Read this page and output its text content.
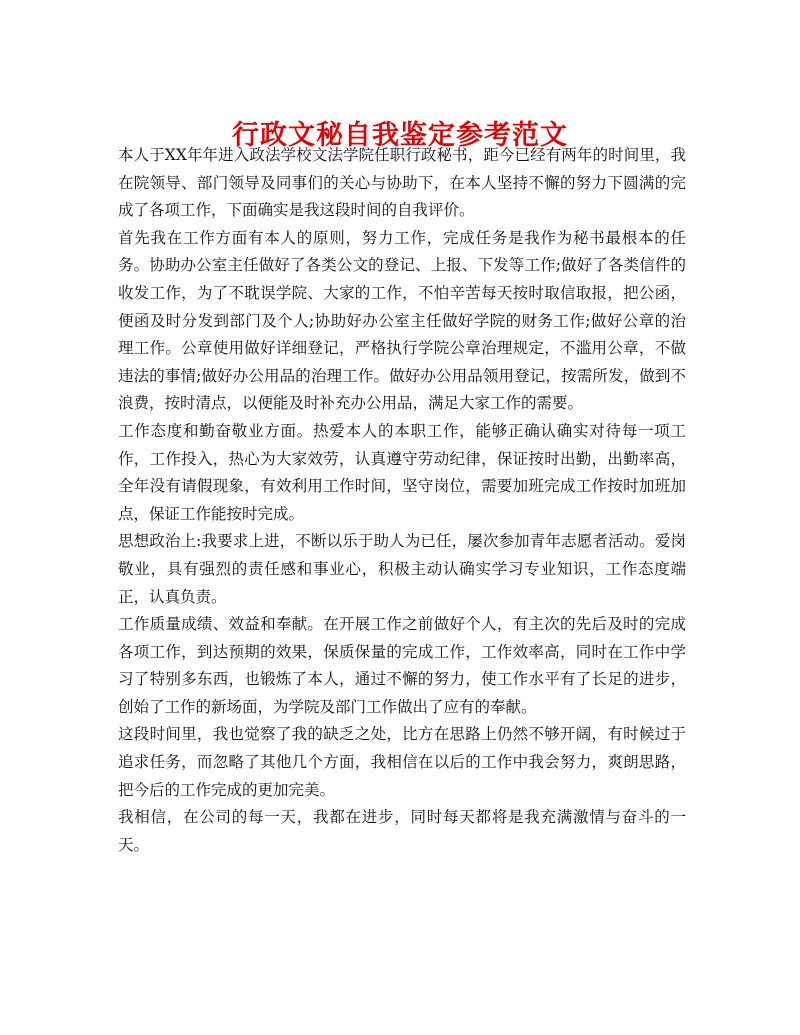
行政文秘自我鉴定参考范文

本人于XX年年进入政法学校文法学院任职行政秘书，距今已经有两年的时间里，我在院领导、部门领导及同事们的关心与协助下，在本人坚持不懈的努力下圆满的完成了各项工作，下面确实是我这段时间的自我评价。

首先我在工作方面有本人的原则，努力工作，完成任务是我作为秘书最根本的任务。协助办公室主任做好了各类公文的登记、上报、下发等工作;做好了各类信件的收发工作，为了不耽误学院、大家的工作，不怕辛苦每天按时取信取报，把公函，便函及时分发到部门及个人;协助好办公室主任做好学院的财务工作;做好公章的治理工作。公章使用做好详细登记，严格执行学院公章治理规定，不滥用公章，不做违法的事情;做好办公用品的治理工作。做好办公用品领用登记，按需所发，做到不浪费，按时清点，以便能及时补充办公用品，满足大家工作的需要。

工作态度和勤奋敬业方面。热爱本人的本职工作，能够正确认确实对待每一项工作，工作投入，热心为大家效劳，认真遵守劳动纪律，保证按时出勤，出勤率高，全年没有请假现象，有效利用工作时间，坚守岗位，需要加班完成工作按时加班加点，保证工作能按时完成。

思想政治上:我要求上进，不断以乐于助人为已任，屡次参加青年志愿者活动。爱岗敬业，具有强烈的责任感和事业心，积极主动认确实学习专业知识，工作态度端正，认真负责。

工作质量成绩、效益和奉献。在开展工作之前做好个人，有主次的先后及时的完成各项工作，到达预期的效果，保质保量的完成工作，工作效率高，同时在工作中学习了特别多东西，也锻炼了本人，通过不懈的努力，使工作水平有了长足的进步，创始了工作的新场面，为学院及部门工作做出了应有的奉献。

这段时间里，我也觉察了我的缺乏之处，比方在思路上仍然不够开阔，有时候过于追求任务，而忽略了其他几个方面，我相信在以后的工作中我会努力，爽朗思路，把今后的工作完成的更加完美。

我相信，在公司的每一天，我都在进步，同时每天都将是我充满激情与奋斗的一天。
